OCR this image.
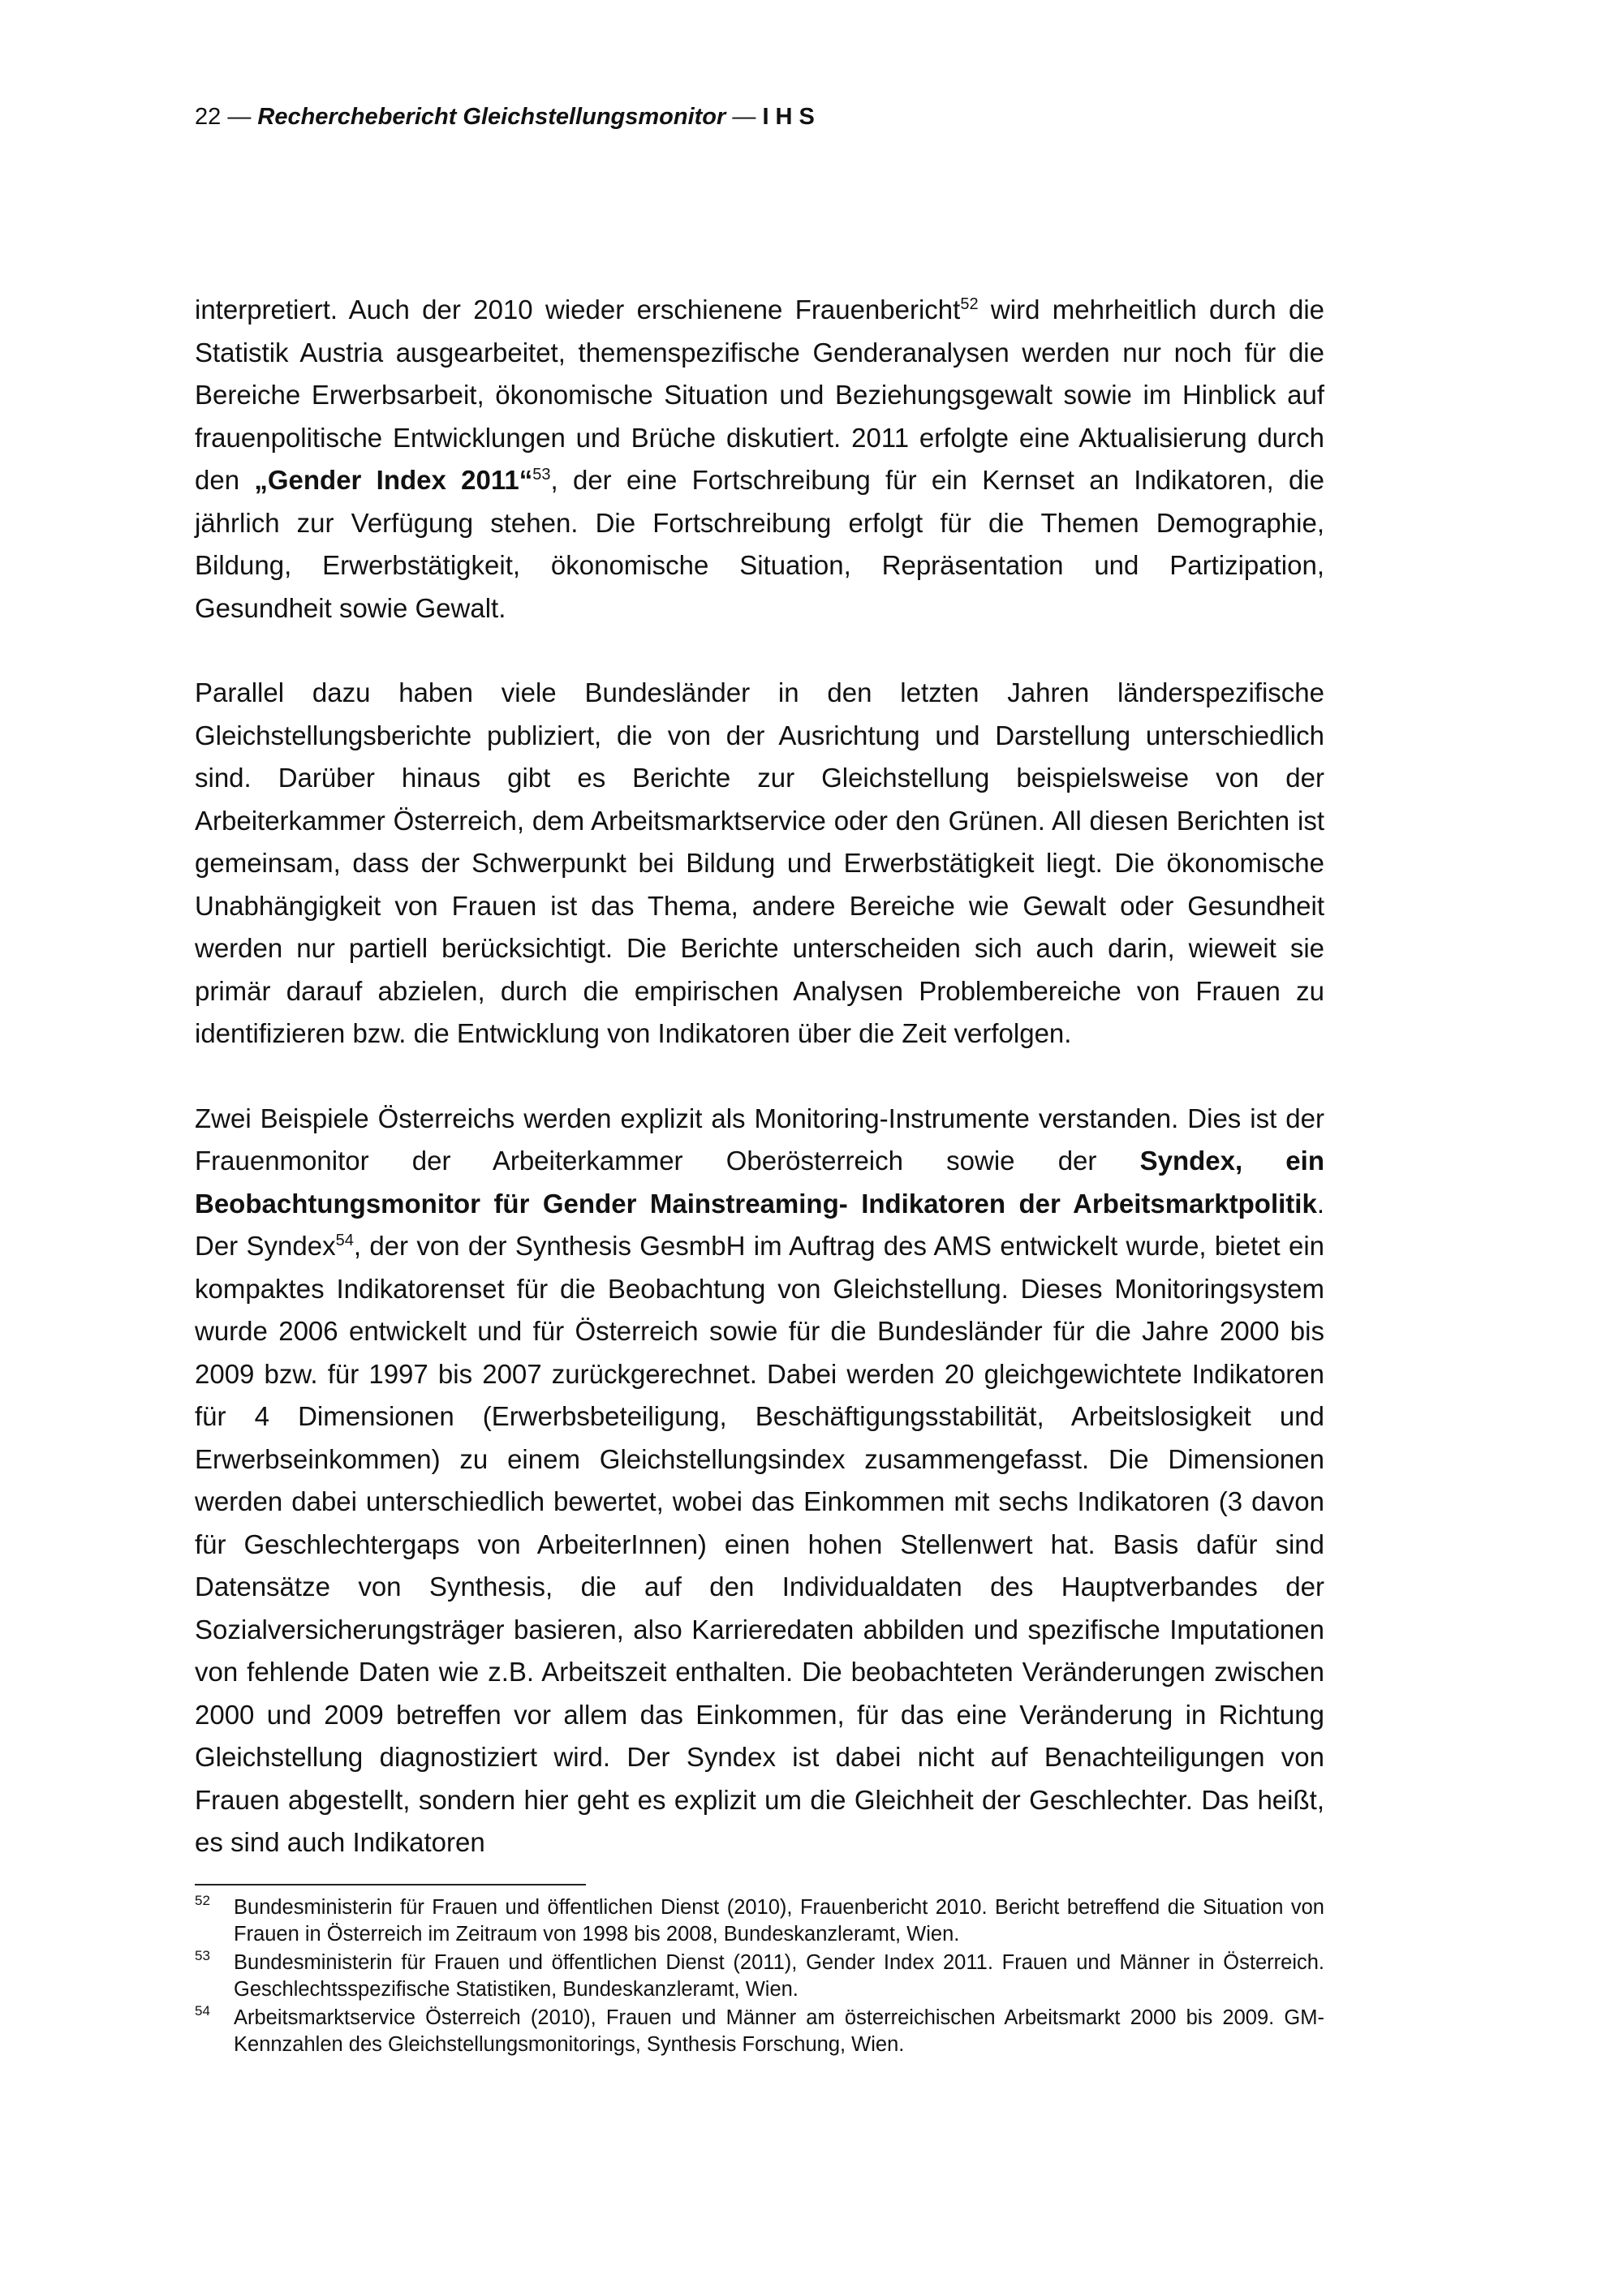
22 — Recherchebericht Gleichstellungsmonitor — I H S

interpretiert. Auch der 2010 wieder erschienene Frauenbericht$^{52}$ wird mehrheitlich durch die Statistik Austria ausgearbeitet, themenspezifische Genderanalysen werden nur noch für die Bereiche Erwerbsarbeit, ökonomische Situation und Beziehungsgewalt sowie im Hinblick auf frauenpolitische Entwicklungen und Brüche diskutiert. 2011 erfolgte eine Aktualisierung durch den „Gender Index 2011“$^{53}$, der eine Fortschreibung für ein Kernset an Indikatoren, die jährlich zur Verfügung stehen. Die Fortschreibung erfolgt für die Themen Demographie, Bildung, Erwerbstätigkeit, ökonomische Situation, Repräsentation und Partizipation, Gesundheit sowie Gewalt.

Parallel dazu haben viele Bundesländer in den letzten Jahren länderspezifische Gleichstellungsberichte publiziert, die von der Ausrichtung und Darstellung unterschiedlich sind. Darüber hinaus gibt es Berichte zur Gleichstellung beispielsweise von der Arbeiterkammer Österreich, dem Arbeitsmarktservice oder den Grünen. All diesen Berichten ist gemeinsam, dass der Schwerpunkt bei Bildung und Erwerbstätigkeit liegt. Die ökonomische Unabhängigkeit von Frauen ist das Thema, andere Bereiche wie Gewalt oder Gesundheit werden nur partiell berücksichtigt. Die Berichte unterscheiden sich auch darin, wieweit sie primär darauf abzielen, durch die empirischen Analysen Problembereiche von Frauen zu identifizieren bzw. die Entwicklung von Indikatoren über die Zeit verfolgen.

Zwei Beispiele Österreichs werden explizit als Monitoring-Instrumente verstanden. Dies ist der Frauenmonitor der Arbeiterkammer Oberösterreich sowie der Syndex, ein Beobachtungsmonitor für Gender Mainstreaming- Indikatoren der Arbeitsmarktpolitik. Der Syndex$^{54}$, der von der Synthesis GesmbH im Auftrag des AMS entwickelt wurde, bietet ein kompaktes Indikatorenset für die Beobachtung von Gleichstellung. Dieses Monitoringsystem wurde 2006 entwickelt und für Österreich sowie für die Bundesländer für die Jahre 2000 bis 2009 bzw. für 1997 bis 2007 zurückgerechnet. Dabei werden 20 gleichgewichtete Indikatoren für 4 Dimensionen (Erwerbsbeteiligung, Beschäftigungsstabilität, Arbeitslosigkeit und Erwerbseinkommen) zu einem Gleichstellungsindex zusammengefasst. Die Dimensionen werden dabei unterschiedlich bewertet, wobei das Einkommen mit sechs Indikatoren (3 davon für Geschlechtergaps von ArbeiterInnen) einen hohen Stellenwert hat. Basis dafür sind Datensätze von Synthesis, die auf den Individualdaten des Hauptverbandes der Sozialversicherungsträger basieren, also Karrieredaten abbilden und spezifische Imputationen von fehlende Daten wie z.B. Arbeitszeit enthalten. Die beobachteten Veränderungen zwischen 2000 und 2009 betreffen vor allem das Einkommen, für das eine Veränderung in Richtung Gleichstellung diagnostiziert wird. Der Syndex ist dabei nicht auf Benachteiligungen von Frauen abgestellt, sondern hier geht es explizit um die Gleichheit der Geschlechter. Das heißt, es sind auch Indikatoren

52 Bundesministerin für Frauen und öffentlichen Dienst (2010), Frauenbericht 2010. Bericht betreffend die Situation von Frauen in Österreich im Zeitraum von 1998 bis 2008, Bundeskanzleramt, Wien.
53 Bundesministerin für Frauen und öffentlichen Dienst (2011), Gender Index 2011. Frauen und Männer in Österreich. Geschlechtsspezifische Statistiken, Bundeskanzleramt, Wien.
54 Arbeitsmarktservice Österreich (2010), Frauen und Männer am österreichischen Arbeitsmarkt 2000 bis 2009. GM-Kennzahlen des Gleichstellungsmonitorings, Synthesis Forschung, Wien.
